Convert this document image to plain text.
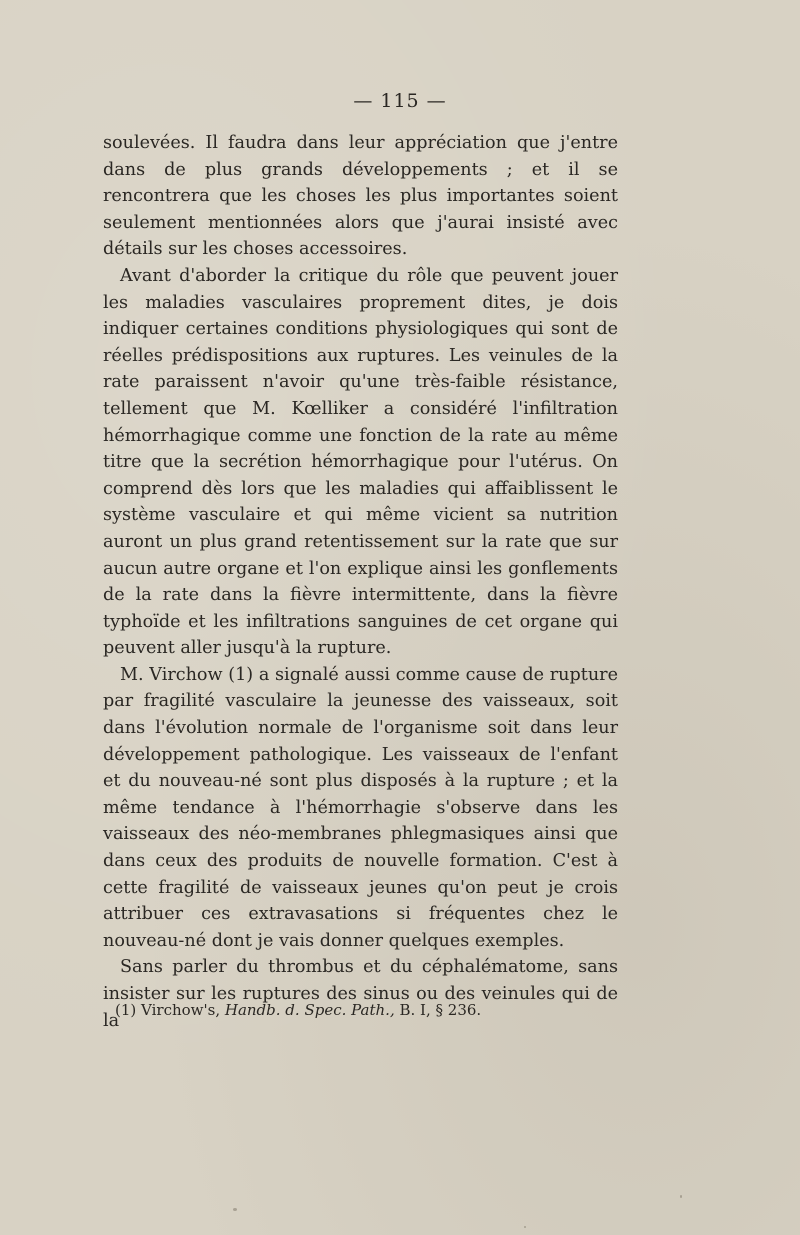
— 115 —

soulevées. Il faudra dans leur appréciation que j'entre dans de plus grands développements ; et il se rencontrera que les choses les plus importantes soient seulement mentionnées alors que j'aurai insisté avec détails sur les choses accessoires.

Avant d'aborder la critique du rôle que peuvent jouer les maladies vasculaires proprement dites, je dois indiquer certaines conditions physiologiques qui sont de réelles prédispositions aux ruptures. Les veinules de la rate paraissent n'avoir qu'une très-faible résistance, tellement que M. Kœlliker a considéré l'infiltration hémorrhagique comme une fonction de la rate au même titre que la secrétion hémorrhagique pour l'utérus. On comprend dès lors que les maladies qui affaiblissent le système vasculaire et qui même vicient sa nutrition auront un plus grand retentissement sur la rate que sur aucun autre organe et l'on explique ainsi les gonflements de la rate dans la fièvre intermittente, dans la fièvre typhoïde et les infiltrations sanguines de cet organe qui peuvent aller jusqu'à la rupture.

M. Virchow (1) a signalé aussi comme cause de rupture par fragilité vasculaire la jeunesse des vaisseaux, soit dans l'évolution normale de l'organisme soit dans leur développement pathologique. Les vaisseaux de l'enfant et du nouveau-né sont plus disposés à la rupture ; et la même tendance à l'hémorrhagie s'observe dans les vaisseaux des néo-membranes phlegmasiques ainsi que dans ceux des produits de nouvelle formation. C'est à cette fragilité de vaisseaux jeunes qu'on peut je crois attribuer ces extravasations si fréquentes chez le nouveau-né dont je vais donner quelques exemples.

Sans parler du thrombus et du céphalématome, sans insister sur les ruptures des sinus ou des veinules qui de la

(1) Virchow's, Handb. d. Spec. Path., B. I, § 236.
